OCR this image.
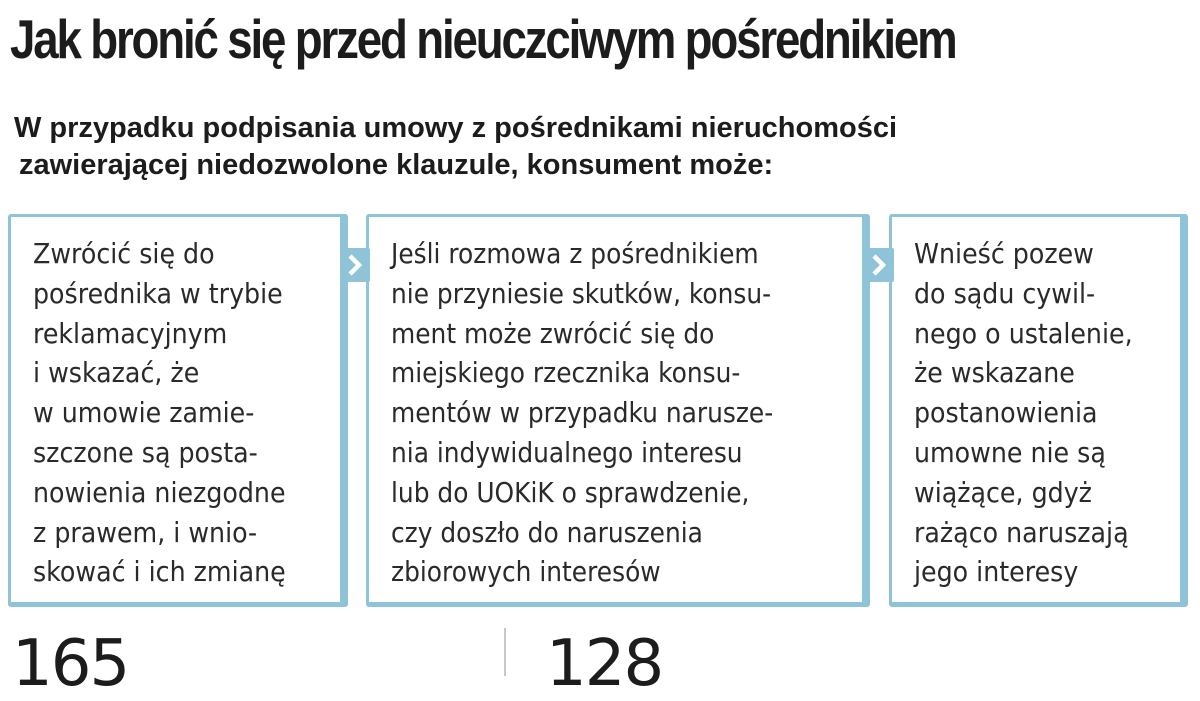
Jak bronić się przed nieuczciwym pośrednikiem
W przypadku podpisania umowy z pośrednikami nieruchomości
zawierającej niedozwolone klauzule, konsument może:

Zwrócić się do
pośrednika w trybie
reklamacyjnym
i wskazać, że
w umowie zamie-
szczone są posta-
nowienia niezgodne
z prawem, i wnio-
skować i ich zmianę

Jeśli rozmowa z pośrednikiem
nie przyniesie skutków, konsu-
ment może zwrócić się do
miejskiego rzecznika konsu-
mentów w przypadku narusze-
nia indywidualnego interesu
lub do UOKiK o sprawdzenie,
czy doszło do naruszenia
zbiorowych interesów

Wnieść pozew
do sądu cywil-
nego o ustalenie,
że wskazane
postanowienia
umowne nie są
wiążące, gdyż
rażąco naruszają
jego interesy

165	128
